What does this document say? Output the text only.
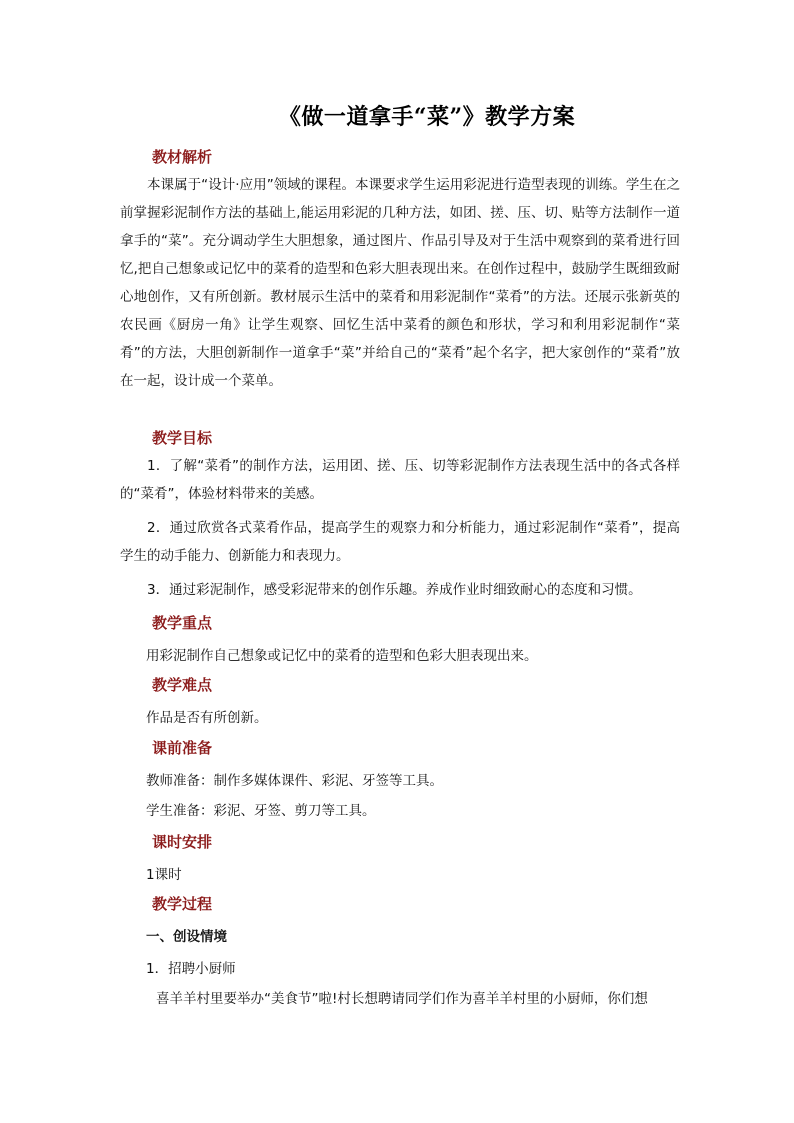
《做一道拿手“菜”》教学方案
教材解析

本课属于“设计·应用”领域的课程。本课要求学生运用彩泥进行造型表现的训练。学生在之前掌握彩泥制作方法的基础上,能运用彩泥的几种方法，如团、搓、压、切、贴等方法制作一道拿手的“菜”。充分调动学生大胆想象，通过图片、作品引导及对于生活中观察到的菜肴进行回忆,把自己想象或记忆中的菜肴的造型和色彩大胆表现出来。在创作过程中，鼓励学生既细致耐心地创作，又有所创新。教材展示生活中的菜肴和用彩泥制作“菜肴”的方法。还展示张新英的农民画《厨房一角》让学生观察、回忆生活中菜肴的颜色和形状，学习和利用彩泥制作“菜肴”的方法，大胆创新制作一道拿手“菜”并给自己的“菜肴”起个名字，把大家创作的“菜肴”放在一起，设计成一个菜单。

教学目标

1．了解“菜肴”的制作方法，运用团、搓、压、切等彩泥制作方法表现生活中的各式各样的“菜肴”，体验材料带来的美感。

2．通过欣赏各式菜肴作品，提高学生的观察力和分析能力，通过彩泥制作“菜肴”，提高学生的动手能力、创新能力和表现力。

3．通过彩泥制作，感受彩泥带来的创作乐趣。养成作业时细致耐心的态度和习惯。

教学重点
用彩泥制作自己想象或记忆中的菜肴的造型和色彩大胆表现出来。
教学难点
作品是否有所创新。
课前准备
教师准备：制作多媒体课件、彩泥、牙签等工具。
学生准备：彩泥、牙签、剪刀等工具。
课时安排
1课时
教学过程
一、创设情境
1．招聘小厨师
喜羊羊村里要举办“美食节”啦!村长想聘请同学们作为喜羊羊村里的小厨师，你们想
